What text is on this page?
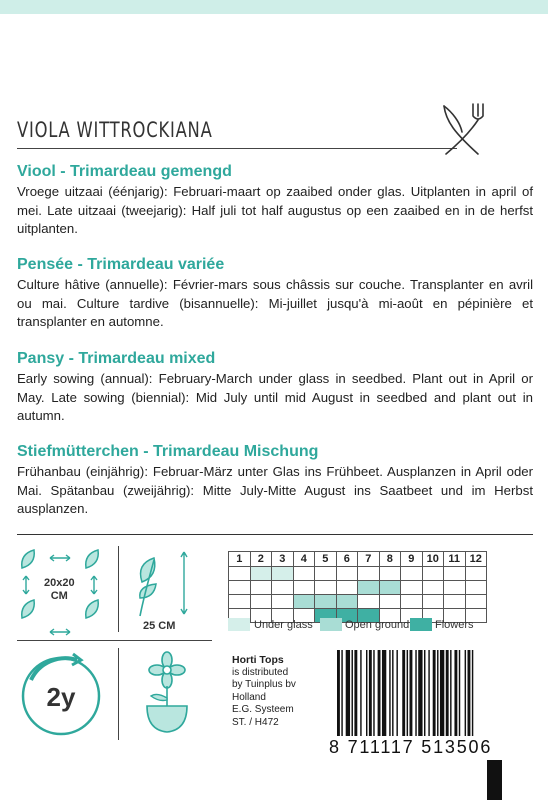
VIOLA WITTROCKIANA
Viool - Trimardeau gemengd

Vroege uitzaai (éénjarig): Februari-maart op zaaibed onder glas. Uitplanten in april of mei. Late uitzaai (tweejarig): Half juli tot half augustus op een zaaibed en in de herfst uitplanten.

Pensée - Trimardeau variée

Culture hâtive (annuelle): Février-mars sous châssis sur couche. Transplanter en avril ou mai. Culture tardive (bisannuelle): Mi-juillet jusqu'à mi-août en pépinière et transplanter en automne.

Pansy - Trimardeau mixed

Early sowing (annual): February-March under glass in seedbed. Plant out in April or May. Late sowing (biennial): Mid July until mid August in seedbed and plant out in autumn.

Stiefmütterchen - Trimardeau Mischung

Frühanbau (einjährig): Februar-März unter Glas ins Frühbeet. Ausplanzen in April oder Mai. Spätanbau (zweijährig): Mitte July-Mitte August ins Saatbeet und im Herbst ausplanzen.

20x20
CM
25 CM
1	2	3	4	5	6	7	8	9	10	11	12

Under glass	Open ground Flowers
2y
Horti Tops
is distributed
by Tuinplus bv
Holland
E.G. Systeem
ST. / H472
8 711117 513506
